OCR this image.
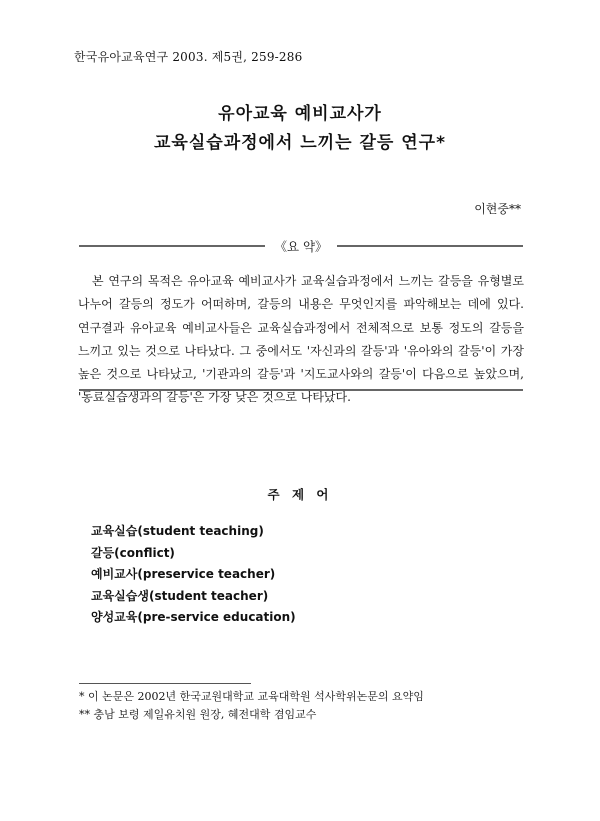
한국유아교육연구 2003. 제5권, 259-286
유아교육 예비교사가
교육실습과정에서 느끼는 갈등 연구*
이현중**
《요 약》

본 연구의 목적은 유아교육 예비교사가 교육실습과정에서 느끼는 갈등을 유형별로 나누어 갈등의 정도가 어떠하며, 갈등의 내용은 무엇인지를 파악해보는 데에 있다. 연구결과 유아교육 예비교사들은 교육실습과정에서 전체적으로 보통 정도의 갈등을 느끼고 있는 것으로 나타났다. 그 중에서도 '자신과의 갈등'과 '유아와의 갈등'이 가장 높은 것으로 나타났고, '기관과의 갈등'과 '지도교사와의 갈등'이 다음으로 높았으며, '동료실습생과의 갈등'은 가장 낮은 것으로 나타났다.

주 제 어
교육실습(student teaching)
갈등(conflict)
예비교사(preservice teacher)
교육실습생(student teacher)
양성교육(pre-service education)
* 이 논문은 2002년 한국교원대학교 교육대학원 석사학위논문의 요약임
** 충남 보령 제일유치원 원장, 혜전대학 겸임교수
